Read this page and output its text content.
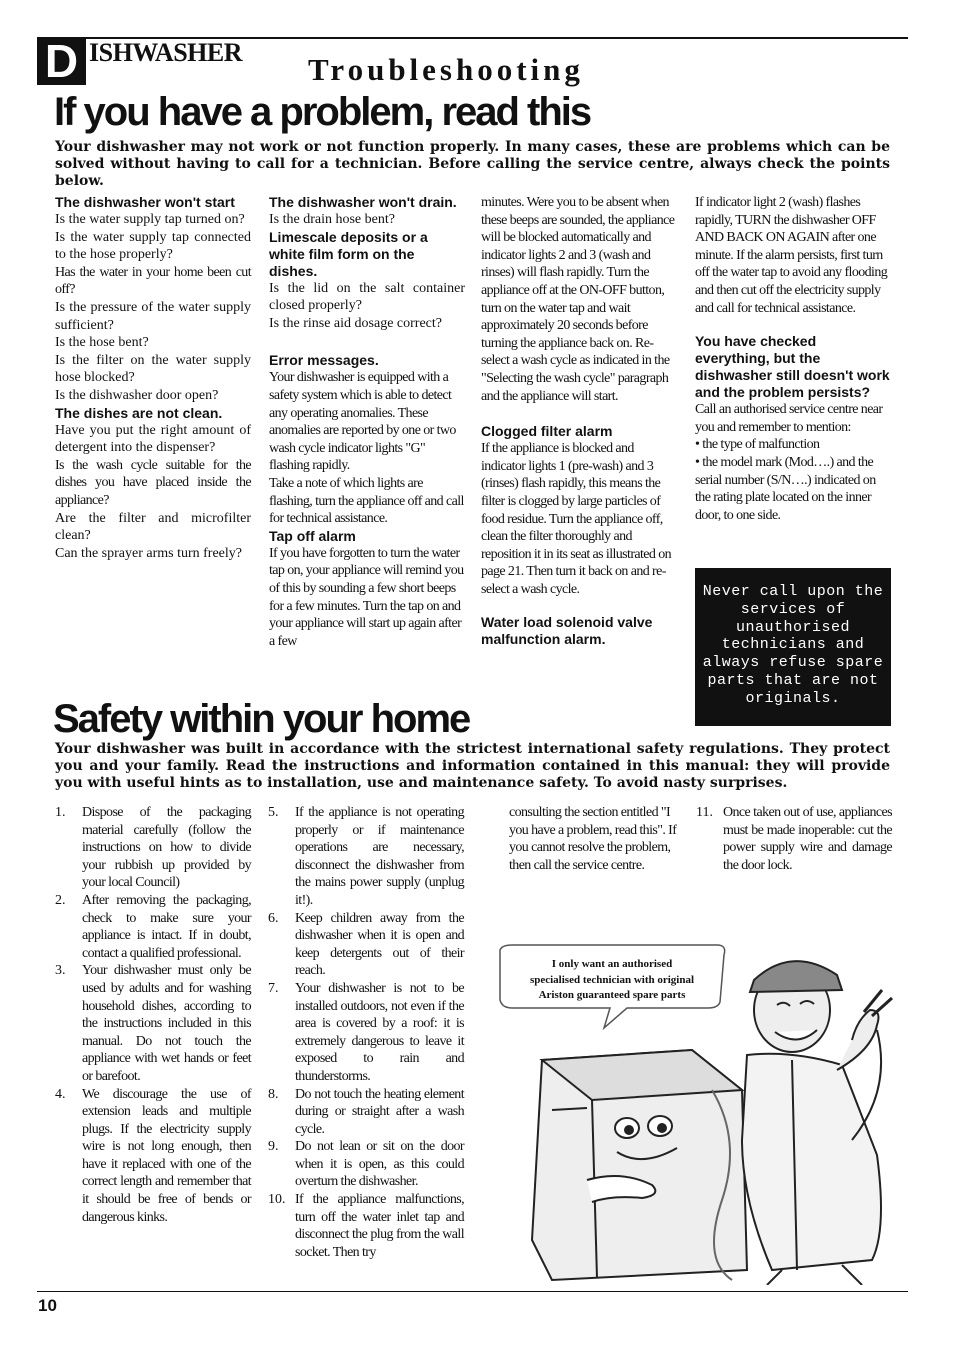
D ISHWASHER Troubleshooting
If you have a problem, read this
Your dishwasher may not work or not function properly. In many cases, these are problems which can be solved without having to call for a technician. Before calling the service centre, always check the points below.

The dishwasher won't start

Is the water supply tap turned on?

Is the water supply tap connected to the hose properly?

Has the water in your home been cut off?

Is the pressure of the water supply sufficient?

Is the hose bent?

Is the filter on the water supply hose blocked?

Is the dishwasher door open?

The dishes are not clean.

Have you put the right amount of detergent into the dispenser?

Is the wash cycle suitable for the dishes you have placed inside the appliance?

Are the filter and microfilter clean?

Can the sprayer arms turn freely?

The dishwasher won't drain.

Is the drain hose bent?

Limescale deposits or a white film form on the dishes.

Is the lid on the salt container closed properly?

Is the rinse aid dosage correct?

Error messages.

Your dishwasher is equipped with a safety system which is able to detect any operating anomalies. These anomalies are reported by one or two wash cycle indicator lights "G" flashing rapidly.

Take a note of which lights are flashing, turn the appliance off and call for technical assistance.

Tap off alarm

If you have forgotten to turn the water tap on, your appliance will remind you of this by sounding a few short beeps for a few minutes. Turn the tap on and your appliance will start up again after a few

minutes. Were you to be absent when these beeps are sounded, the appliance will be blocked automatically and indicator lights 2 and 3 (wash and rinses) will flash rapidly. Turn the appliance off at the ON-OFF button, turn on the water tap and wait approximately 20 seconds before turning the appliance back on. Re-select a wash cycle as indicated in the "Selecting the wash cycle" paragraph and the appliance will start.

Clogged filter alarm

If the appliance is blocked and indicator lights 1 (pre-wash) and 3 (rinses) flash rapidly, this means the filter is clogged by large particles of food residue. Turn the appliance off, clean the filter thoroughly and reposition it in its seat as illustrated on page 21. Then turn it back on and re-select a wash cycle.

Water load solenoid valve malfunction alarm.

If indicator light 2 (wash) flashes rapidly, TURN the dishwasher OFF AND BACK ON AGAIN after one minute. If the alarm persists, first turn off the water tap to avoid any flooding and then cut off the electricity supply and call for technical assistance.

You have checked everything, but the dishwasher still doesn't work and the problem persists?

Call an authorised service centre near you and remember to mention:

• the type of malfunction

• the model mark (Mod….) and the serial number (S/N….) indicated on the rating plate located on the inner door, to one side.

Never call upon the services of unauthorised technicians and always refuse spare parts that are not originals.
Safety within your home
Your dishwasher was built in accordance with the strictest international safety regulations. They protect you and your family. Read the instructions and information contained in this manual: they will provide you with useful hints as to installation, use and maintenance safety. To avoid nasty surprises.
1. Dispose of the packaging material carefully (follow the instructions on how to divide your rubbish up provided by your local Council)
2. After removing the packaging, check to make sure your appliance is intact. If in doubt, contact a qualified professional.
3. Your dishwasher must only be used by adults and for washing household dishes, according to the instructions included in this manual. Do not touch the appliance with wet hands or feet or barefoot.
4. We discourage the use of extension leads and multiple plugs. If the electricity supply wire is not long enough, then have it replaced with one of the correct length and remember that it should be free of bends or dangerous kinks.
5. If the appliance is not operating properly or if maintenance operations are necessary, disconnect the dishwasher from the mains power supply (unplug it!).
6. Keep children away from the dishwasher when it is open and keep detergents out of their reach.
7. Your dishwasher is not to be installed outdoors, not even if the area is covered by a roof: it is extremely dangerous to leave it exposed to rain and thunderstorms.
8. Do not touch the heating element during or straight after a wash cycle.
9. Do not lean or sit on the door when it is open, as this could overturn the dishwasher.
10. If the appliance malfunctions, turn off the water inlet tap and disconnect the plug from the wall socket. Then try

consulting the section entitled "I you have a problem, read this". If you cannot resolve the problem, then call the service centre.

11. Once taken out of use, appliances must be made inoperable: cut the power supply wire and damage the door lock.
I only want an authorised
specialised technician with original
Ariston guaranteed spare parts
10
